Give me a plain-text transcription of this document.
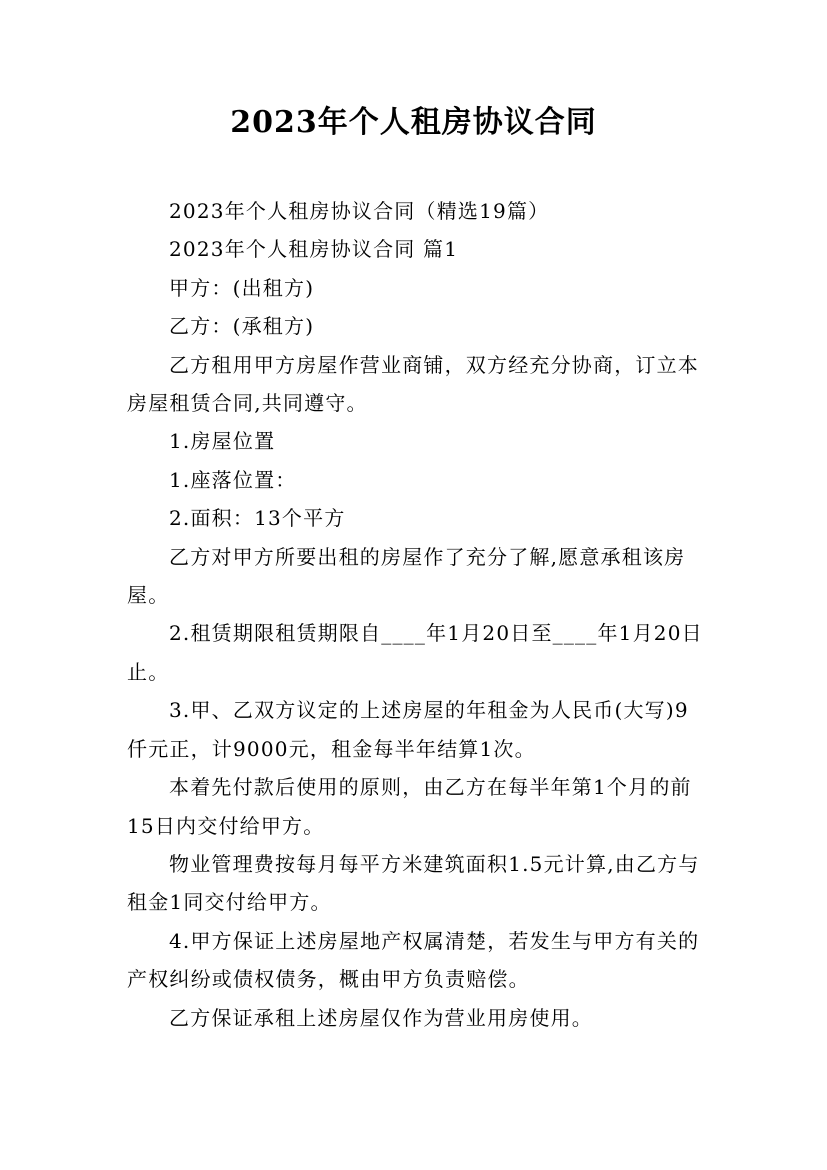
2023年个人租房协议合同

2023年个人租房协议合同（精选19篇）

2023年个人租房协议合同 篇1

甲方：(出租方)

乙方：(承租方)

乙方租用甲方房屋作营业商铺，双方经充分协商，订立本房屋租赁合同,共同遵守。

1.房屋位置

1.座落位置：

2.面积：13个平方

乙方对甲方所要出租的房屋作了充分了解,愿意承租该房屋。

2.租赁期限租赁期限自____年1月20日至____年1月20日止。

3.甲、乙双方议定的上述房屋的年租金为人民币(大写)9仟元正，计9000元，租金每半年结算1次。

本着先付款后使用的原则，由乙方在每半年第1个月的前15日内交付给甲方。

物业管理费按每月每平方米建筑面积1.5元计算,由乙方与租金1同交付给甲方。

4.甲方保证上述房屋地产权属清楚，若发生与甲方有关的产权纠纷或债权债务，概由甲方负责赔偿。

乙方保证承租上述房屋仅作为营业用房使用。
